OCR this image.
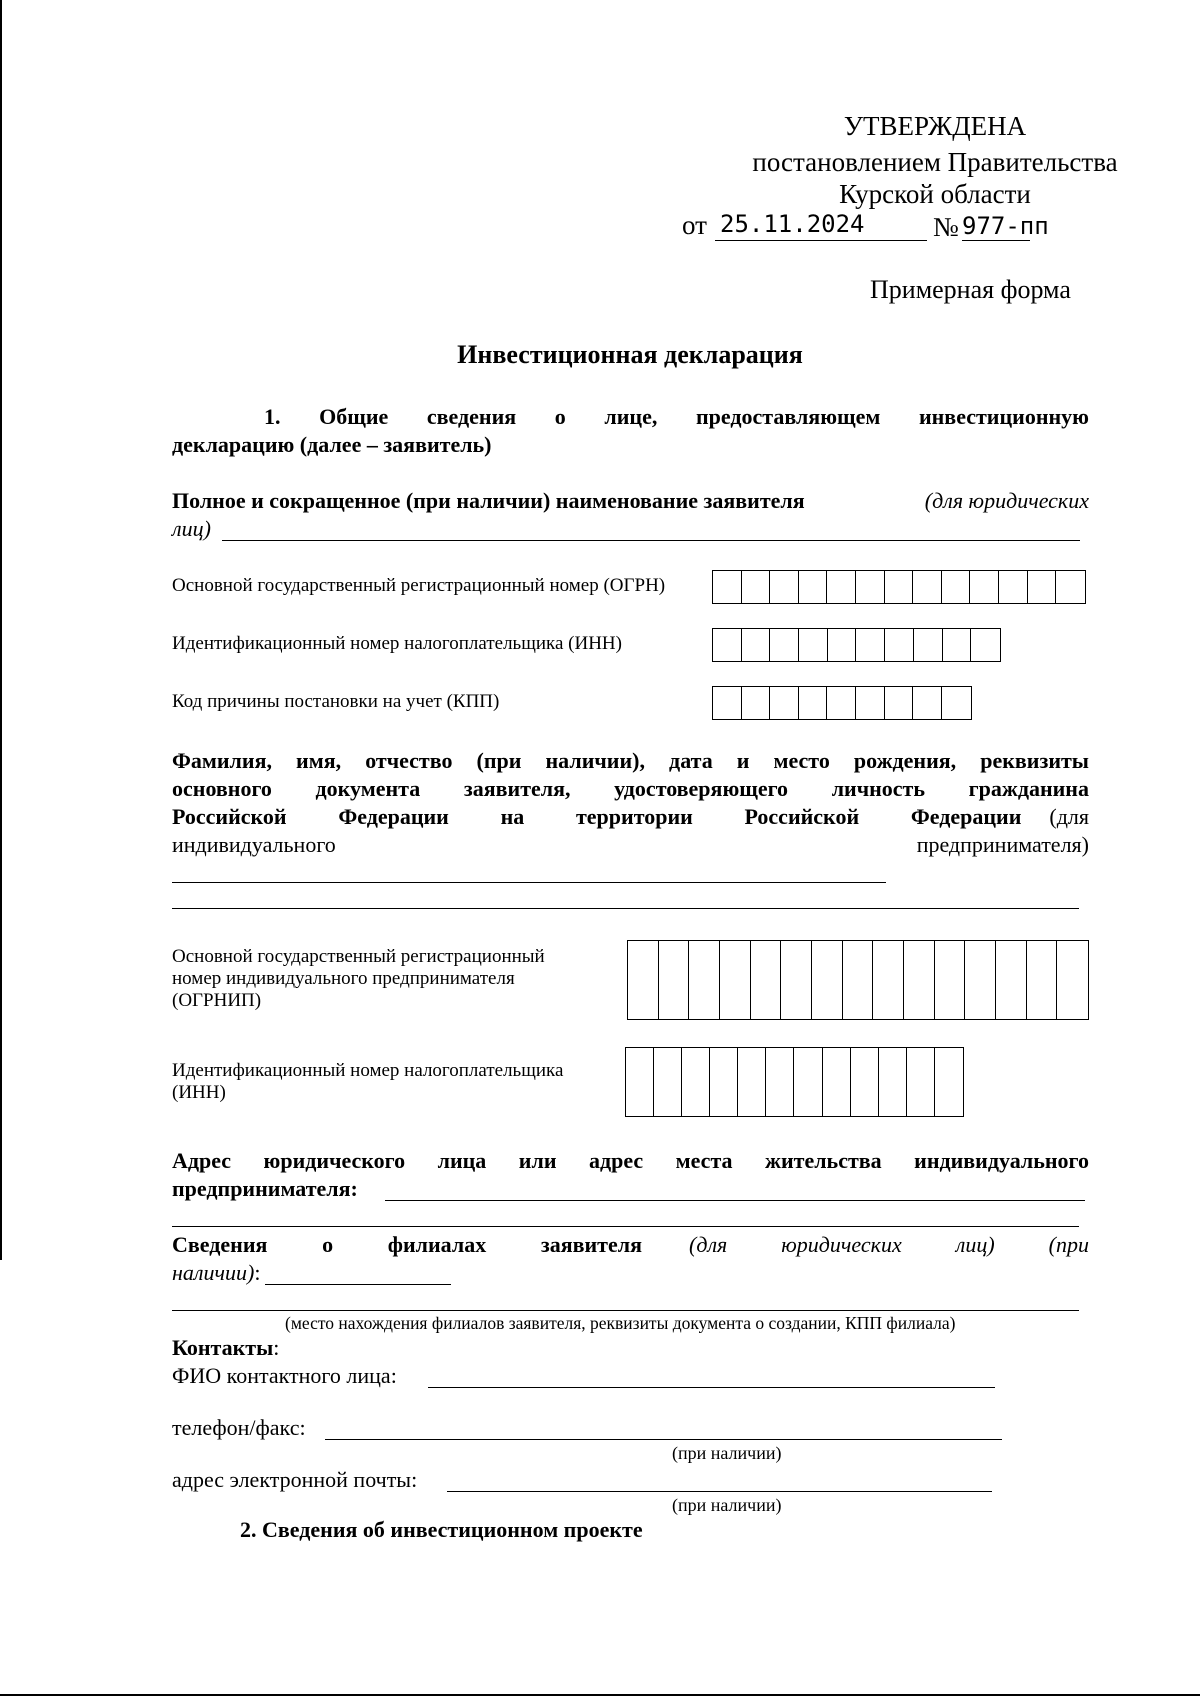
УТВЕРЖДЕНА
постановлением Правительства
Курской области
от 25.11.2024	№ 977-пп
Примерная форма
Инвестиционная декларация
1. Общие сведения о лице, предоставляющем инвестиционную
декларацию (далее – заявитель)
Полное и сокращенное (при наличии) наименование заявителя	(для юридических
лиц)
Основной государственный регистрационный номер (ОГРН)
Идентификационный номер налогоплательщика (ИНН)
Код причины постановки на учет (КПП)
Фамилия, имя, отчество (при наличии), дата и место рождения, реквизиты
основного документа заявителя, удостоверяющего личность гражданина
Российской Федерации на территории Российской Федерации (для
индивидуального	предпринимателя)
Основной государственный регистрационный
номер индивидуального предпринимателя
(ОГРНИП)
Идентификационный номер налогоплательщика
(ИНН)
Адрес юридического лица или адрес места жительства индивидуального
предпринимателя:
Сведения о филиалах заявителя (для юридических лиц) (при
наличии):
(место нахождения филиалов заявителя, реквизиты документа о создании, КПП филиала)
Контакты:
ФИО контактного лица:
телефон/факс:
(при наличии)
адрес электронной почты:
(при наличии)
2. Сведения об инвестиционном проекте
